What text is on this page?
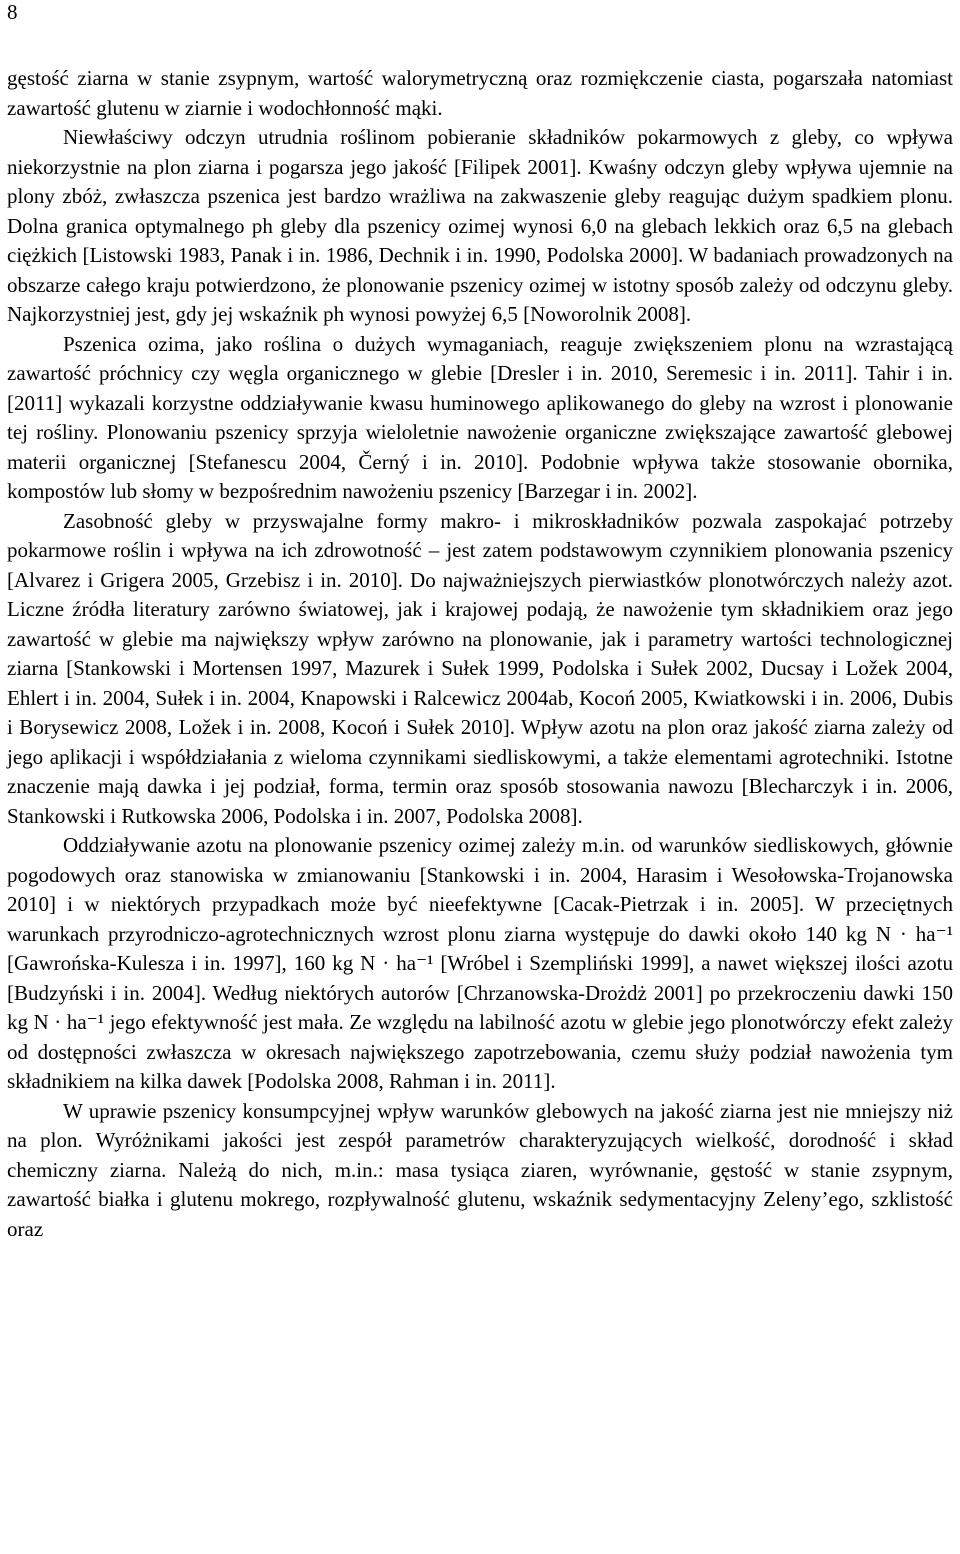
8

gęstość ziarna w stanie zsypnym, wartość walorymetryczną oraz rozmiękczenie ciasta, pogarszała natomiast zawartość glutenu w ziarnie i wodochłonność mąki.

Niewłaściwy odczyn utrudnia roślinom pobieranie składników pokarmowych z gleby, co wpływa niekorzystnie na plon ziarna i pogarsza jego jakość [Filipek 2001]. Kwaśny odczyn gleby wpływa ujemnie na plony zbóż, zwłaszcza pszenica jest bardzo wrażliwa na zakwaszenie gleby reagując dużym spadkiem plonu. Dolna granica optymalnego ph gleby dla pszenicy ozimej wynosi 6,0 na glebach lekkich oraz 6,5 na glebach ciężkich [Listowski 1983, Panak i in. 1986, Dechnik i in. 1990, Podolska 2000]. W badaniach prowadzonych na obszarze całego kraju potwierdzono, że plonowanie pszenicy ozimej w istotny sposób zależy od odczynu gleby. Najkorzystniej jest, gdy jej wskaźnik ph wynosi powyżej 6,5 [Noworolnik 2008].

Pszenica ozima, jako roślina o dużych wymaganiach, reaguje zwiększeniem plonu na wzrastającą zawartość próchnicy czy węgla organicznego w glebie [Dresler i in. 2010, Seremesic i in. 2011]. Tahir i in. [2011] wykazali korzystne oddziaływanie kwasu huminowego aplikowanego do gleby na wzrost i plonowanie tej rośliny. Plonowaniu pszenicy sprzyja wieloletnie nawożenie organiczne zwiększające zawartość glebowej materii organicznej [Stefanescu 2004, Černý i in. 2010]. Podobnie wpływa także stosowanie obornika, kompostów lub słomy w bezpośrednim nawożeniu pszenicy [Barzegar i in. 2002].

Zasobność gleby w przyswajalne formy makro- i mikroskładników pozwala zaspokajać potrzeby pokarmowe roślin i wpływa na ich zdrowotność – jest zatem podstawowym czynnikiem plonowania pszenicy [Alvarez i Grigera 2005, Grzebisz i in. 2010]. Do najważniejszych pierwiastków plonotwórczych należy azot. Liczne źródła literatury zarówno światowej, jak i krajowej podają, że nawożenie tym składnikiem oraz jego zawartość w glebie ma największy wpływ zarówno na plonowanie, jak i parametry wartości technologicznej ziarna [Stankowski i Mortensen 1997, Mazurek i Sułek 1999, Podolska i Sułek 2002, Ducsay i Ložek 2004, Ehlert i in. 2004, Sułek i in. 2004, Knapowski i Ralcewicz 2004ab, Kocoń 2005, Kwiatkowski i in. 2006, Dubis i Borysewicz 2008, Ložek i in. 2008, Kocoń i Sułek 2010]. Wpływ azotu na plon oraz jakość ziarna zależy od jego aplikacji i współdziałania z wieloma czynnikami siedliskowymi, a także elementami agrotechniki. Istotne znaczenie mają dawka i jej podział, forma, termin oraz sposób stosowania nawozu [Blecharczyk i in. 2006, Stankowski i Rutkowska 2006, Podolska i in. 2007, Podolska 2008].

Oddziaływanie azotu na plonowanie pszenicy ozimej zależy m.in. od warunków siedliskowych, głównie pogodowych oraz stanowiska w zmianowaniu [Stankowski i in. 2004, Harasim i Wesołowska-Trojanowska 2010] i w niektórych przypadkach może być nieefektywne [Cacak-Pietrzak i in. 2005]. W przeciętnych warunkach przyrodniczo-agrotechnicznych wzrost plonu ziarna występuje do dawki około 140 kg N · ha⁻¹ [Gawrońska-Kulesza i in. 1997], 160 kg N · ha⁻¹ [Wróbel i Szempliński 1999], a nawet większej ilości azotu [Budzyński i in. 2004]. Według niektórych autorów [Chrzanowska-Drożdż 2001] po przekroczeniu dawki 150 kg N · ha⁻¹ jego efektywność jest mała. Ze względu na labilność azotu w glebie jego plonotwórczy efekt zależy od dostępności zwłaszcza w okresach największego zapotrzebowania, czemu służy podział nawożenia tym składnikiem na kilka dawek [Podolska 2008, Rahman i in. 2011].

W uprawie pszenicy konsumpcyjnej wpływ warunków glebowych na jakość ziarna jest nie mniejszy niż na plon. Wyróżnikami jakości jest zespół parametrów charakteryzujących wielkość, dorodność i skład chemiczny ziarna. Należą do nich, m.in.: masa tysiąca ziaren, wyrównanie, gęstość w stanie zsypnym, zawartość białka i glutenu mokrego, rozpływalność glutenu, wskaźnik sedymentacyjny Zeleny’ego, szklistość oraz
